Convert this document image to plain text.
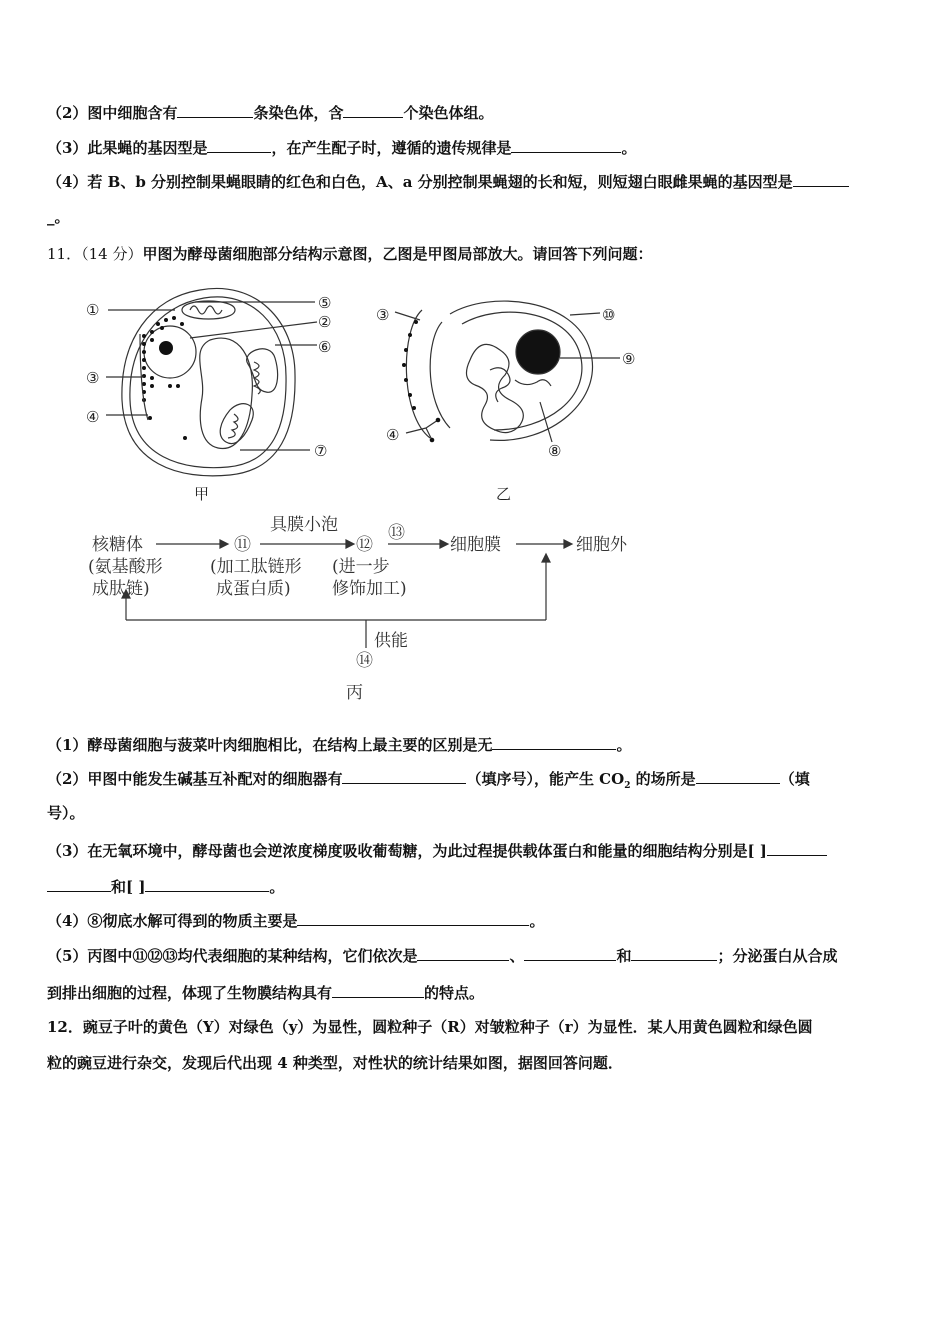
（2）图中细胞含有	条染色体，含	个染色体组。
（3）此果蝇的基因型是	，在产生配子时，遵循的遗传规律是	。
（4）若 B、b 分别控制果蝇眼睛的红色和白色，A、a 分别控制果蝇翅的长和短，则短翅白眼雌果蝇的基因型是
_。
11．（14 分）甲图为酵母菌细胞部分结构示意图，乙图是甲图局部放大。请回答下列问题：
①	⑤
②
⑥
③
④
⑦
甲
③	⑩
⑨
④
⑧
乙
核糖体
(氨基酸形
成肽链)
⑪
(加工肽链形
成蛋白质)
具膜小泡
⑫
(进一步
修饰加工)
⑬
细胞膜	细胞外
供能
⑭
丙
（1）酵母菌细胞与菠菜叶肉细胞相比，在结构上最主要的区别是无	。
（2）甲图中能发生碱基互补配对的细胞器有	（填序号），能产生 $CO_2$ 的场所是	（填
号）。
（3）在无氧环境中，酵母菌也会逆浓度梯度吸收葡萄糖，为此过程提供载体蛋白和能量的细胞结构分别是[ ]
和[ ]	。
（4）⑧彻底水解可得到的物质主要是	。
（5）丙图中⑪⑫⑬均代表细胞的某种结构，它们依次是	、	和	；分泌蛋白从合成
到排出细胞的过程，体现了生物膜结构具有	的特点。
12．豌豆子叶的黄色（Y）对绿色（y）为显性，圆粒种子（R）对皱粒种子（r）为显性．某人用黄色圆粒和绿色圆
粒的豌豆进行杂交，发现后代出现 4 种类型，对性状的统计结果如图，据图回答问题．
